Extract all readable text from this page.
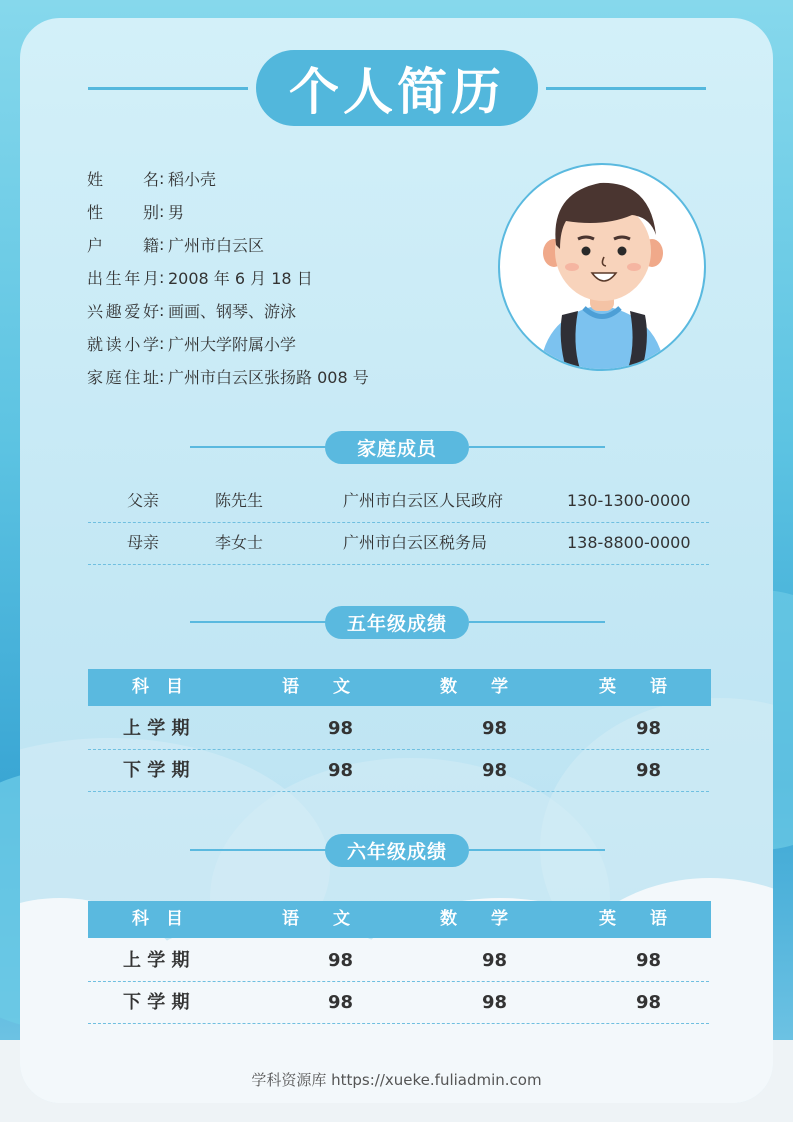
个人简历
姓名 : 稻小壳
性别 : 男
户籍 : 广州市白云区
出生年月 : 2008 年 6 月 18 日
兴趣爱好 : 画画、钢琴、游泳
就读小学 : 广州大学附属小学
家庭住址 : 广州市白云区张扬路 008 号
家庭成员
父亲	陈先生	广州市白云区人民政府	130-1300-0000
母亲	李女士	广州市白云区税务局	138-8800-0000
五年级成绩
科　目	语　　文	数　　学	英　　语
上 学 期	98	98	98
下 学 期	98	98	98
六年级成绩
科　目	语　　文	数　　学	英　　语
上 学 期	98	98	98
下 学 期	98	98	98
学科资源库 https://xueke.fuliadmin.com
